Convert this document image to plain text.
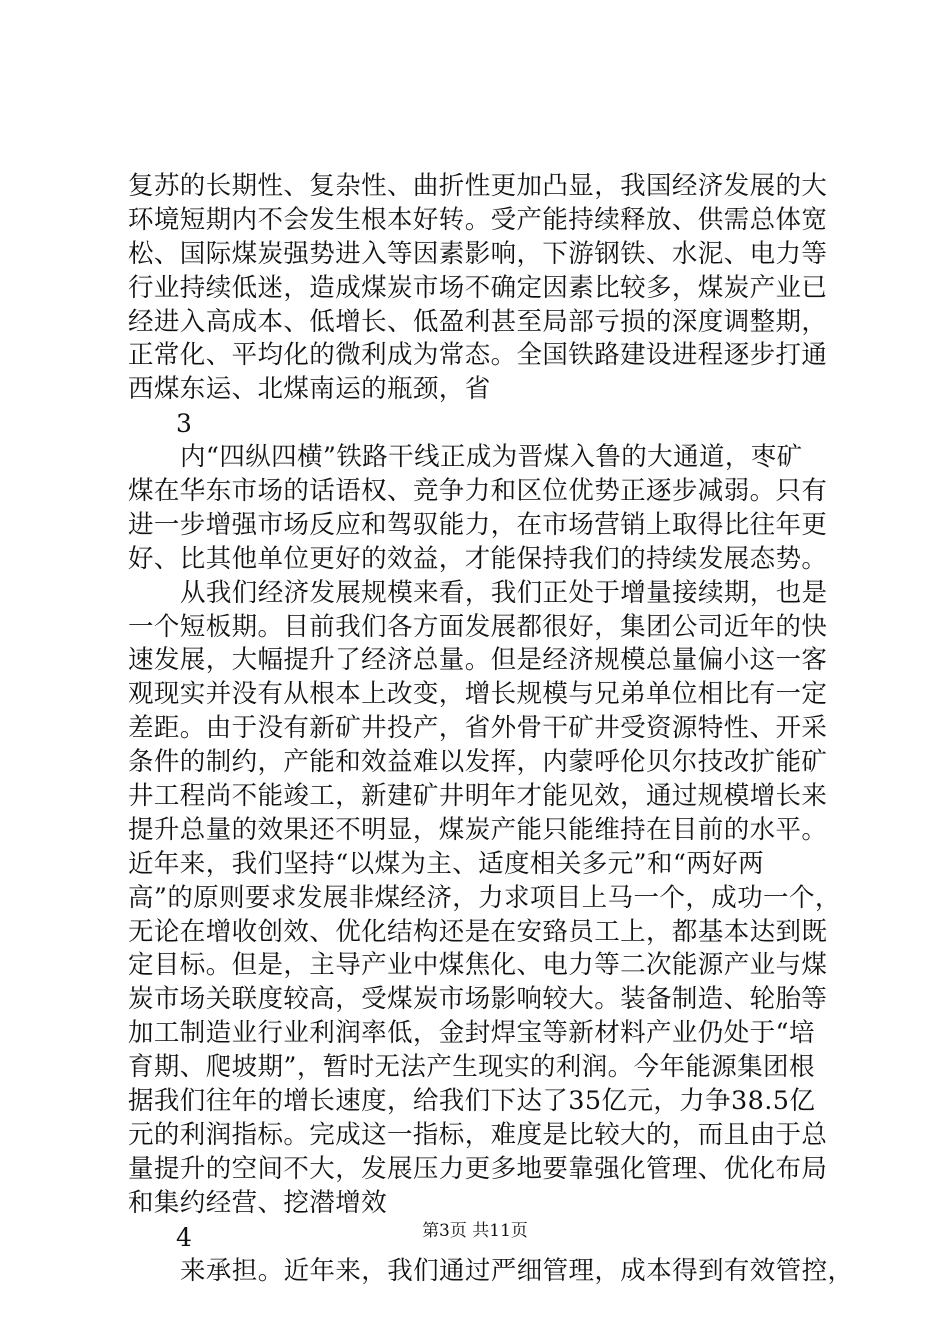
复苏的长期性、复杂性、曲折性更加凸显，我国经济发展的大
环境短期内不会发生根本好转。受产能持续释放、供需总体宽
松、国际煤炭强势进入等因素影响，下游钢铁、水泥、电力等
行业持续低迷，造成煤炭市场不确定因素比较多，煤炭产业已
经进入高成本、低增长、低盈利甚至局部亏损的深度调整期，
正常化、平均化的微利成为常态。全国铁路建设进程逐步打通
西煤东运、北煤南运的瓶颈，省
3
内“四纵四横”铁路干线正成为晋煤入鲁的大通道，枣矿
煤在华东市场的话语权、竞争力和区位优势正逐步减弱。只有
进一步增强市场反应和驾驭能力，在市场营销上取得比往年更
好、比其他单位更好的效益，才能保持我们的持续发展态势。
从我们经济发展规模来看，我们正处于增量接续期，也是
一个短板期。目前我们各方面发展都很好，集团公司近年的快
速发展，大幅提升了经济总量。但是经济规模总量偏小这一客
观现实并没有从根本上改变，增长规模与兄弟单位相比有一定
差距。由于没有新矿井投产，省外骨干矿井受资源特性、开采
条件的制约，产能和效益难以发挥，内蒙呼伦贝尔技改扩能矿
井工程尚不能竣工，新建矿井明年才能见效，通过规模增长来
提升总量的效果还不明显，煤炭产能只能维持在目前的水平。
近年来，我们坚持“以煤为主、适度相关多元”和“两好两
高”的原则要求发展非煤经济，力求项目上马一个，成功一个，
无论在增收创效、优化结构还是在安臵员工上，都基本达到既
定目标。但是，主导产业中煤焦化、电力等二次能源产业与煤
炭市场关联度较高，受煤炭市场影响较大。装备制造、轮胎等
加工制造业行业利润率低，金封焊宝等新材料产业仍处于“培
育期、爬坡期”，暂时无法产生现实的利润。今年能源集团根
据我们往年的增长速度，给我们下达了35亿元，力争38.5亿
元的利润指标。完成这一指标，难度是比较大的，而且由于总
量提升的空间不大，发展压力更多地要靠强化管理、优化布局
和集约经营、挖潜增效
4
来承担。近年来，我们通过严细管理，成本得到有效管控，
第3页 共11页
